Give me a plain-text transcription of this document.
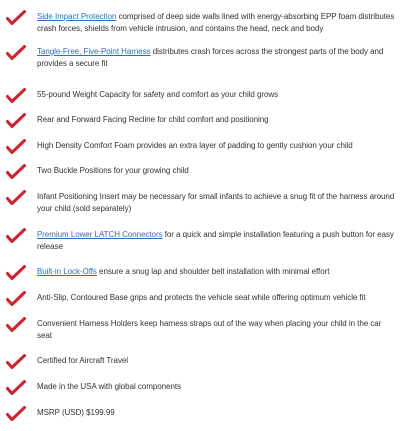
Side Impact Protection comprised of deep side walls lined with energy-absorbing EPP foam distributes crash forces, shields from vehicle intrusion, and contains the head, neck and body
Tangle-Free, Five-Point Harness distributes crash forces across the strongest parts of the body and provides a secure fit
55-pound Weight Capacity for safety and comfort as your child grows
Rear and Forward Facing Recline for child comfort and positioning
High Density Comfort Foam provides an extra layer of padding to gently cushion your child
Two Buckle Positions for your growing child
Infant Positioning Insert may be necessary for small infants to achieve a snug fit of the harness around your child (sold separately)
Premium Lower LATCH Connectors for a quick and simple installation featuring a push button for easy release
Built-in Lock-Offs ensure a snug lap and shoulder belt installation with minimal effort
Anti-Slip, Contoured Base grips and protects the vehicle seat while offering optimum vehicle fit
Convenient Harness Holders keep harness straps out of the way when placing your child in the car seat
Certified for Aircraft Travel
Made in the USA with global components
MSRP (USD) $199.99
